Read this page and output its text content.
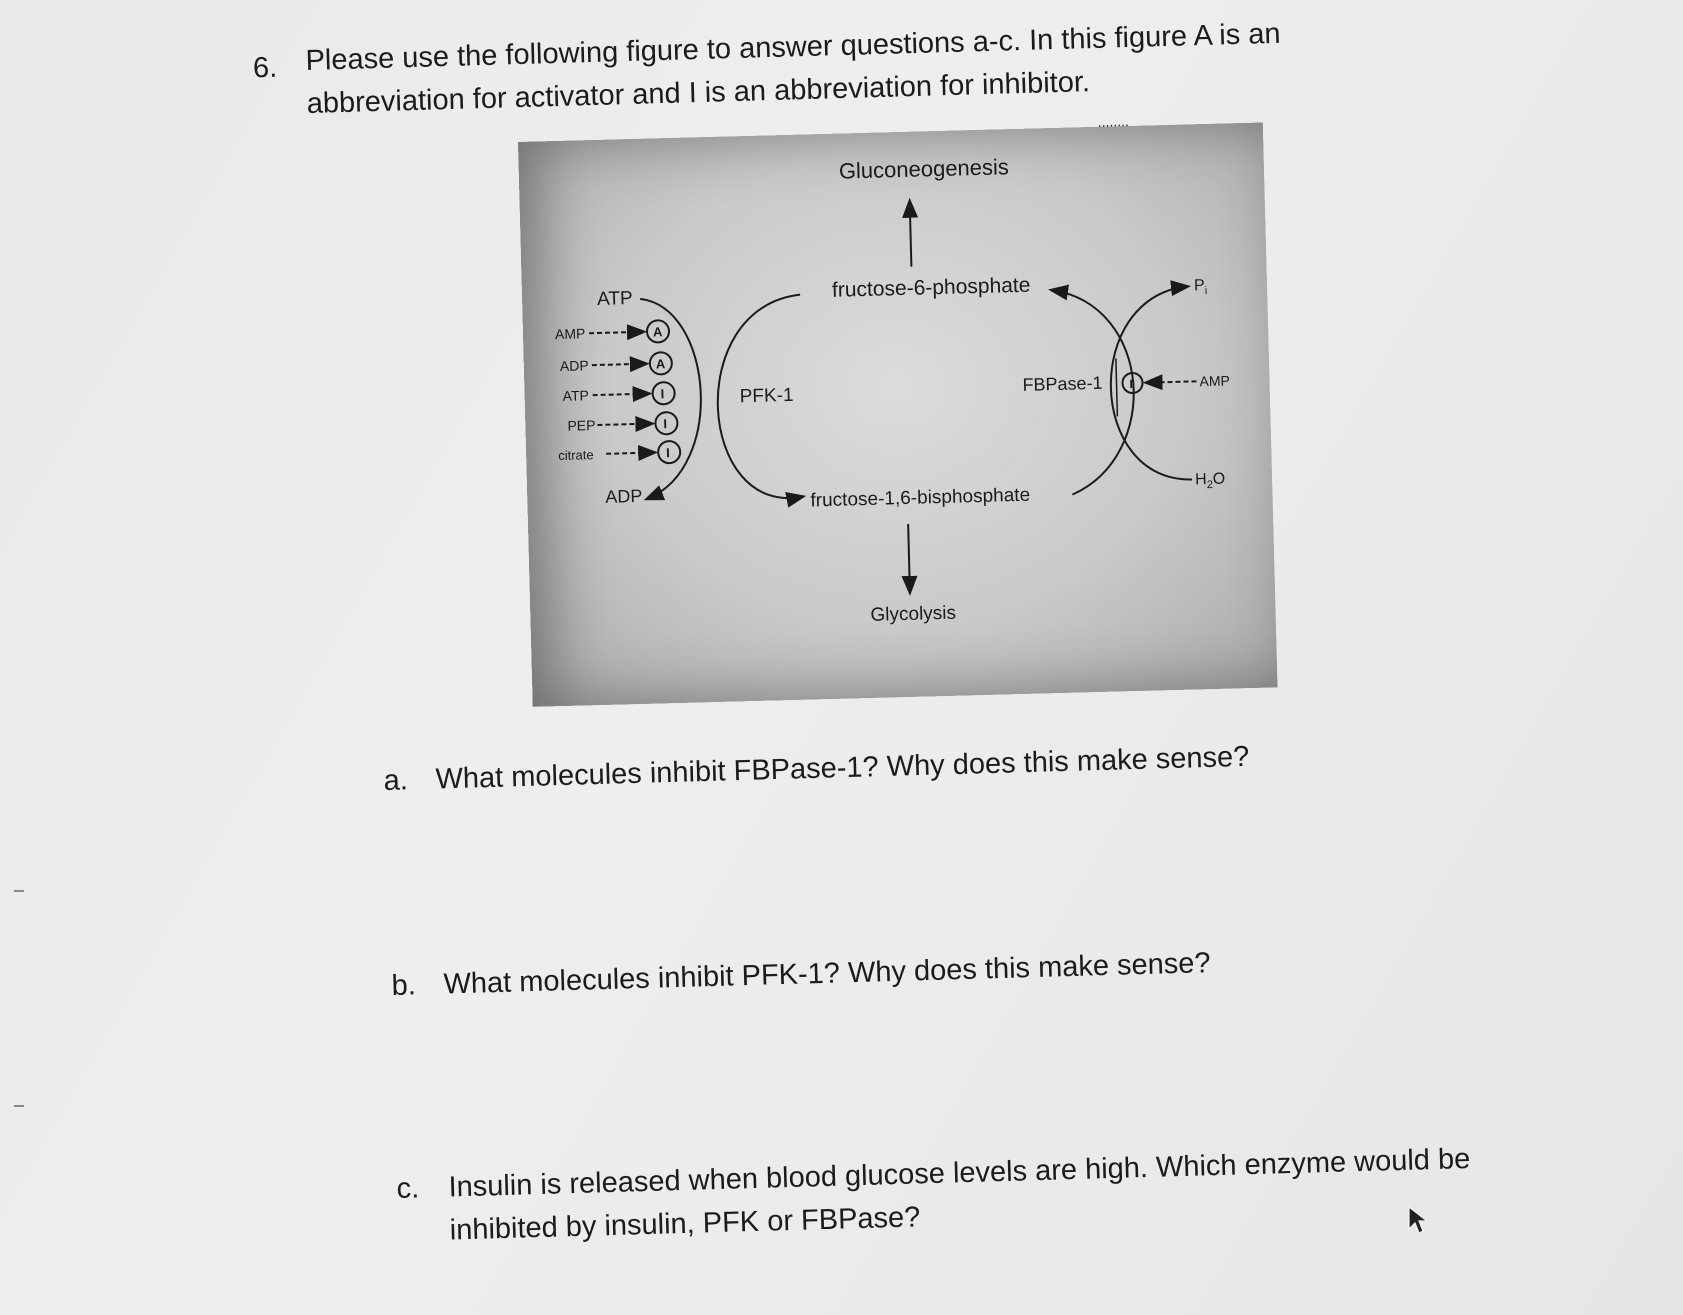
6. Please use the following figure to answer questions a-c. In this figure A is an abbreviation for activator and I is an abbreviation for inhibitor.
........
Gluconeogenesis
fructose-6-phosphate
ATP
ADP
PFK-1
AMP	A
ADP	A
ATP	I
PEP	I
citrate	I
FBPase-1
$P_i$
$H_2O$
I	AMP
fructose-1,6-bisphosphate
Glycolysis
a. What molecules inhibit FBPase-1? Why does this make sense?
b. What molecules inhibit PFK-1? Why does this make sense?
c. Insulin is released when blood glucose levels are high. Which enzyme would be inhibited by insulin, PFK or FBPase?
